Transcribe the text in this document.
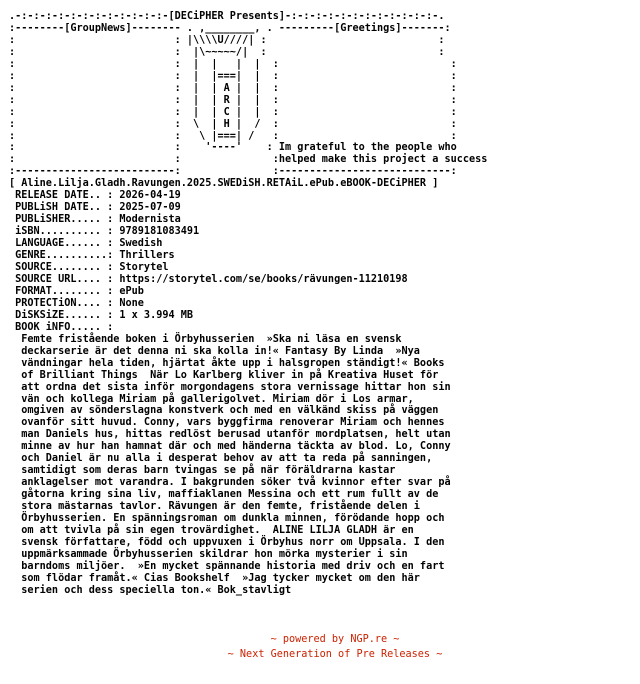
.-:-:-:-:-:-:-:-:-:-:-:-:-[DECiPHER Presents]-:-:-:-:-:-:-:-:-:-:-:-:-.
:--------[GroupNews]-------- . ,________, . ---------[Greetings]-------:
:                          : |\\\\U////| :                            :
:                          :  |\~~~~~/|  :                            :
:                          :  |  |   |  |  :                            :
:                          :  |  |===|  |  :                            :
:                          :  |  | A |  |  :                            :
:                          :  |  | R |  |  :                            :
:                          :  |  | C |  |  :                            :
:                          :  \  | H |  /  :                            :
:                          :   \ |===| /   :                            :
:                          :    '----'    : Im grateful to the people who
:                          :               :helped make this project a success
:--------------------------:               :----------------------------:
[ Aline.Lilja.Gladh.Ravungen.2025.SWEDiSH.RETAiL.ePub.eBOOK-DECiPHER ]
RELEASE DATE.. : 2026-04-19
PUBLiSH DATE.. : 2025-07-09
PUBLiSHER..... : Modernista
iSBN.......... : 9789181083491
LANGUAGE...... : Swedish
GENRE..........: Thrillers
SOURCE........ : Storytel
SOURCE URL.... : https://storytel.com/se/books/rävungen-11210198
FORMAT........ : ePub
PROTECTiON.... : None
DiSKSiZE...... : 1 x 3.994 MB
BOOK iNFO..... :
Femte fristående boken i Örbyhusserien  »Ska ni läsa en svensk
deckarserie är det denna ni ska kolla in!« Fantasy By Linda  »Nya
vändningar hela tiden, hjärtat åkte upp i halsgropen ständigt!« Books
of Brilliant Things  När Lo Karlberg kliver in på Kreativa Huset för
att ordna det sista inför morgondagens stora vernissage hittar hon sin
vän och kollega Miriam på gallerigolvet. Miriam dör i Los armar,
omgiven av sönderslagna konstverk och med en välkänd skiss på väggen
ovanför sitt huvud. Conny, vars byggfirma renoverar Miriam och hennes
man Daniels hus, hittas redlöst berusad utanför mordplatsen, helt utan
minne av hur han hamnat där och med händerna täckta av blod. Lo, Conny
och Daniel är nu alla i desperat behov av att ta reda på sanningen,
samtidigt som deras barn tvingas se på när föräldrarna kastar
anklagelser mot varandra. I bakgrunden söker två kvinnor efter svar på
gåtorna kring sina liv, maffiaklanen Messina och ett rum fullt av de
stora mästarnas tavlor. Rävungen är den femte, fristående delen i
Örbyhusserien. En spänningsroman om dunkla minnen, förödande hopp och
om att tvivla på sin egen trovärdighet.  ALINE LILJA GLADH är en
svensk författare, född och uppvuxen i Örbyhus norr om Uppsala. I den
uppmärksammade Örbyhusserien skildrar hon mörka mysterier i sin
barndoms miljöer.  »En mycket spännande historia med driv och en fart
som flödar framåt.« Cias Bookshelf  »Jag tycker mycket om den här
serien och dess speciella ton.« Bok_stavligt

~ powered by NGP.re ~
~ Next Generation of Pre Releases ~
